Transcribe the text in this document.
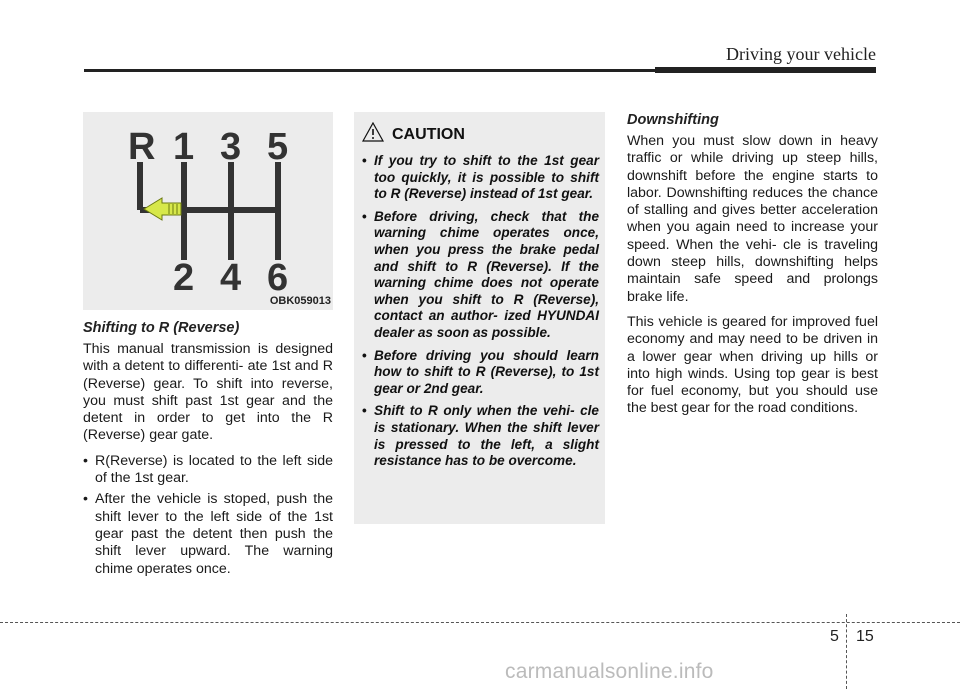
Driving your vehicle
R 1 3 5
2 4 6
OBK059013
Shifting to R (Reverse)

This manual transmission is designed with a detent to differenti- ate 1st and R (Reverse) gear. To shift into reverse, you must shift past 1st gear and the detent in order to get into the R (Reverse) gear gate.

• R(Reverse) is located to the left side of the 1st gear.
• After the vehicle is stoped, push the shift lever to the left side of the 1st gear past the detent then push the shift lever upward. The warning chime operates once.
CAUTION
• If you try to shift to the 1st gear too quickly, it is possible to shift to R (Reverse) instead of 1st gear.
• Before driving, check that the warning chime operates once, when you press the brake pedal and shift to R (Reverse). If the warning chime does not operate when you shift to R (Reverse), contact an author- ized HYUNDAI dealer as soon as possible.
• Before driving you should learn how to shift to R (Reverse), to 1st gear or 2nd gear.
• Shift to R only when the vehi- cle is stationary. When the shift lever is pressed to the left, a slight resistance has to be overcome.
Downshifting

When you must slow down in heavy traffic or while driving up steep hills, downshift before the engine starts to labor. Downshifting reduces the chance of stalling and gives better acceleration when you again need to increase your speed. When the vehi- cle is traveling down steep hills, downshifting helps maintain safe speed and prolongs brake life.

This vehicle is geared for improved fuel economy and may need to be driven in a lower gear when driving up hills or into high winds. Using top gear is best for fuel economy, but you should use the best gear for the road conditions.

5 15
carmanualsonline.info
